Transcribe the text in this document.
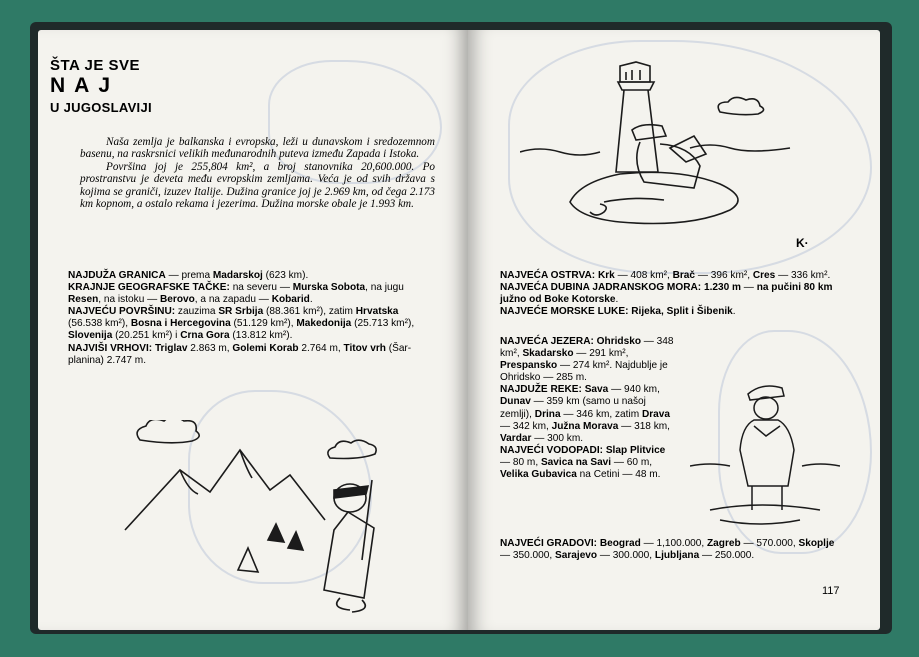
ŠTA JE SVE
NAJ
U JUGOSLAVIJI

Naša zemlja je balkanska i evropska, leži u dunavskom i sredozemnom basenu, na raskrsnici velikih međunarodnih puteva između Zapada i Istoka.

Površina joj je 255,804 km², a broj stanovnika 20,600.000. Po prostranstvu je deveta među evropskim zemljama. Veća je od svih država s kojima se graniči, izuzev Italije. Dužina granice joj je 2.969 km, od čega 2.173 km kopnom, a ostalo rekama i jezerima. Dužina morske obale je 1.993 km.

NAJDUŽA GRANICA — prema Madarskoj (623 km).

KRAJNJE GEOGRAFSKE TAČKE: na severu — Murska Sobota, na jugu Resen, na istoku — Berovo, a na zapadu — Kobarid.

NAJVEĆU POVRŠINU: zauzima SR Srbija (88.361 km²), zatim Hrvatska (56.538 km²), Bosna i Hercegovina (51.129 km²), Makedonija (25.713 km²), Slovenija (20.251 km²) i Crna Gora (13.812 km²).

NAJVIŠI VRHOVI: Triglav 2.863 m, Golemi Korab 2.764 m, Titov vrh (Šar-planina) 2.747 m.

K·

NAJVEĆA OSTRVA: Krk — 408 km², Brač — 396 km², Cres — 336 km².

NAJVEĆA DUBINA JADRANSKOG MORA: 1.230 m — na pučini 80 km južno od Boke Kotorske.

NAJVEĆE MORSKE LUKE: Rijeka, Split i Šibenik.

NAJVEĆA JEZERA: Ohridsko — 348 km², Skadarsko — 291 km², Prespansko — 274 km². Najdublje je Ohridsko — 285 m.

NAJDUŽE REKE: Sava — 940 km, Dunav — 359 km (samo u našoj zemlji), Drina — 346 km, zatim Drava — 342 km, Južna Morava — 318 km, Vardar — 300 km.

NAJVEĆI VODOPADI: Slap Plitvice — 80 m, Savica na Savi — 60 m, Velika Gubavica na Cetini — 48 m.

NAJVEĆI GRADOVI: Beograd — 1,100.000, Zagreb — 570.000, Skoplje — 350.000, Sarajevo — 300.000, Ljubljana — 250.000.

117
